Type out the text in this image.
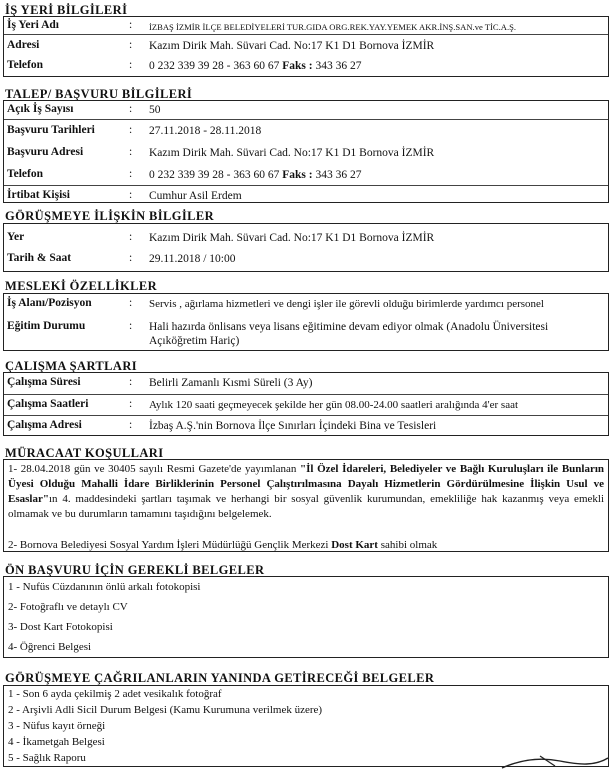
İŞ YERİ BİLGİLERİ
İş Yeri Adı	: İZBAŞ İZMİR İLÇE BELEDİYELERİ TUR.GIDA ORG.REK.YAY.YEMEK AKR.İNŞ.SAN.ve TİC.A.Ş.
Adresi	: Kazım Dirik Mah. Süvari Cad. No:17 K1 D1 Bornova İZMİR
Telefon	: 0 232 339 39 28 - 363 60 67 Faks : 343 36 27
TALEP/ BAŞVURU BİLGİLERİ
Açık İş Sayısı	: 50
Başvuru Tarihleri	: 27.11.2018 - 28.11.2018
Başvuru Adresi	: Kazım Dirik Mah. Süvari Cad. No:17 K1 D1 Bornova İZMİR
Telefon	: 0 232 339 39 28 - 363 60 67 Faks : 343 36 27
İrtibat Kişisi	: Cumhur Asil Erdem
GÖRÜŞMEYE İLİŞKİN BİLGİLER
Yer	: Kazım Dirik Mah. Süvari Cad. No:17 K1 D1 Bornova İZMİR
Tarih & Saat	: 29.11.2018 / 10:00
MESLEKİ ÖZELLİKLER
İş Alanı/Pozisyon	: Servis , ağırlama hizmetleri ve dengi işler ile görevli olduğu birimlerde yardımcı personel
Eğitim Durumu	: Hali hazırda önlisans veya lisans eğitimine devam ediyor olmak (Anadolu Üniversitesi Açıköğretim Hariç)
ÇALIŞMA ŞARTLARI
Çalışma Süresi	: Belirli Zamanlı Kısmi Süreli (3 Ay)
Çalışma Saatleri	: Aylık 120 saati geçmeyecek şekilde her gün 08.00-24.00 saatleri aralığında 4'er saat
Çalışma Adresi	: İzbaş A.Ş.'nin Bornova İlçe Sınırları İçindeki Bina ve Tesisleri
MÜRACAAT KOŞULLARI
1- 28.04.2018 gün ve 30405 sayılı Resmi Gazete'de yayımlanan "İl Özel İdareleri, Belediyeler ve Bağlı Kuruluşları ile Bunların Üyesi Olduğu Mahalli İdare Birliklerinin Personel Çalıştırılmasına Dayalı Hizmetlerin Gördürülmesine İlişkin Usul ve Esaslar"ın 4. maddesindeki şartları taşımak ve herhangi bir sosyal güvenlik kurumundan, emekliliğe hak kazanmış veya emekli olmamak ve bu durumların tamamını taşıdığını belgelemek.
2- Bornova Belediyesi Sosyal Yardım İşleri Müdürlüğü Gençlik Merkezi Dost Kart sahibi olmak
ÖN BAŞVURU İÇİN GEREKLİ BELGELER
1 - Nufüs Cüzdanının önlü arkalı fotokopisi
2- Fotoğraflı ve detaylı CV
3- Dost Kart Fotokopisi
4- Öğrenci Belgesi
GÖRÜŞMEYE ÇAĞRILANLARIN YANINDA GETİRECEĞİ BELGELER
1 - Son 6 ayda çekilmiş 2 adet vesikalık fotoğraf
2 - Arşivli Adli Sicil Durum Belgesi (Kamu Kurumuna verilmek üzere)
3 - Nüfus kayıt örneği
4 - İkametgah Belgesi
5 - Sağlık Raporu
